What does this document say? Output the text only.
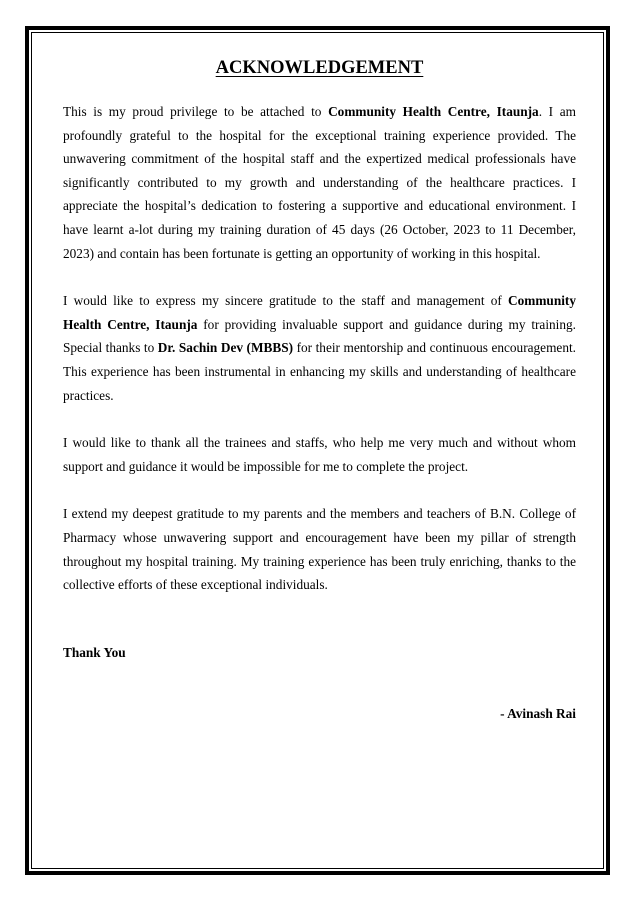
ACKNOWLEDGEMENT

This is my proud privilege to be attached to Community Health Centre, Itaunja. I am profoundly grateful to the hospital for the exceptional training experience provided. The unwavering commitment of the hospital staff and the expertized medical professionals have significantly contributed to my growth and understanding of the healthcare practices. I appreciate the hospital’s dedication to fostering a supportive and educational environment. I have learnt a-lot during my training duration of 45 days (26 October, 2023 to 11 December, 2023) and contain has been fortunate is getting an opportunity of working in this hospital.

I would like to express my sincere gratitude to the staff and management of Community Health Centre, Itaunja for providing invaluable support and guidance during my training. Special thanks to Dr. Sachin Dev (MBBS) for their mentorship and continuous encouragement. This experience has been instrumental in enhancing my skills and understanding of healthcare practices.

I would like to thank all the trainees and staffs, who help me very much and without whom support and guidance it would be impossible for me to complete the project.

I extend my deepest gratitude to my parents and the members and teachers of B.N. College of Pharmacy whose unwavering support and encouragement have been my pillar of strength throughout my hospital training. My training experience has been truly enriching, thanks to the collective efforts of these exceptional individuals.

Thank You
- Avinash Rai
